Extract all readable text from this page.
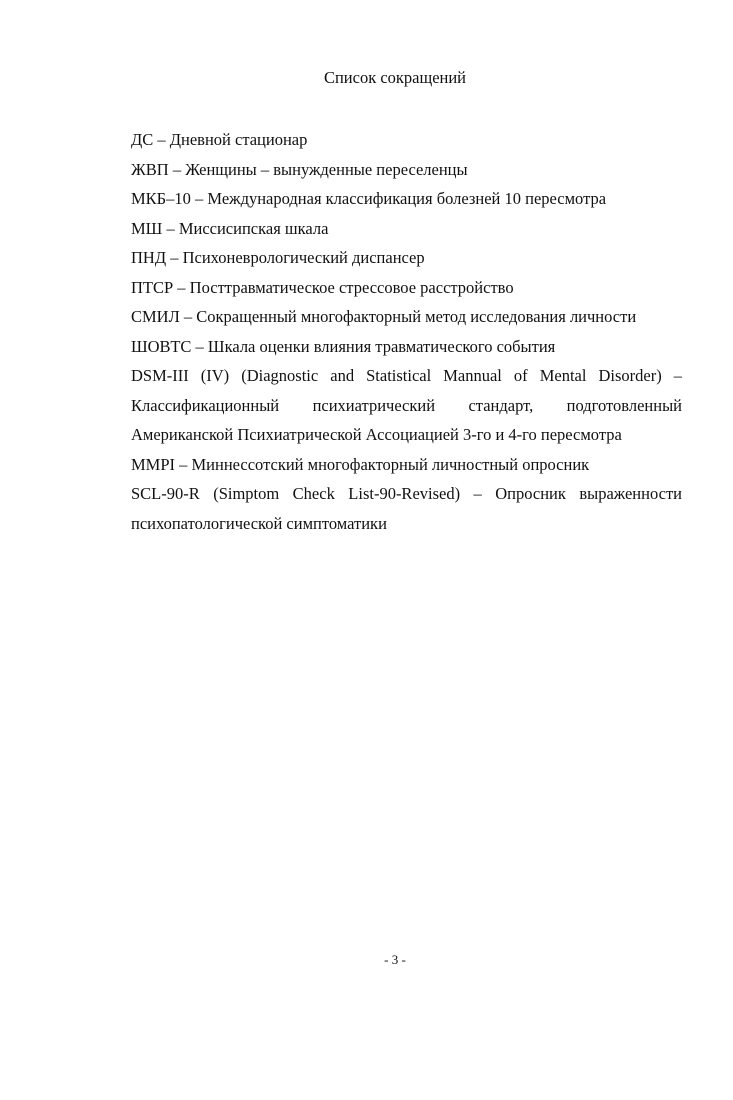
Список сокращений
ДС – Дневной стационар
ЖВП – Женщины – вынужденные переселенцы
МКБ–10 – Международная классификация болезней 10 пересмотра
МШ – Миссисипская шкала
ПНД – Психоневрологический диспансер
ПТСР – Посттравматическое стрессовое расстройство
СМИЛ – Сокращенный многофакторный метод исследования личности
ШОВТС – Шкала оценки влияния травматического события
DSM-III (IV) (Diagnostic and Statistical Mannual of Mental Disorder) – Классификационный психиатрический стандарт, подготовленный Американской Психиатрической Ассоциацией 3-го и 4-го пересмотра
MMPI – Миннессотский многофакторный личностный опросник
SCL-90-R (Simptom Check List-90-Revised) – Опросник выраженности психопатологической симптоматики
- 3 -
